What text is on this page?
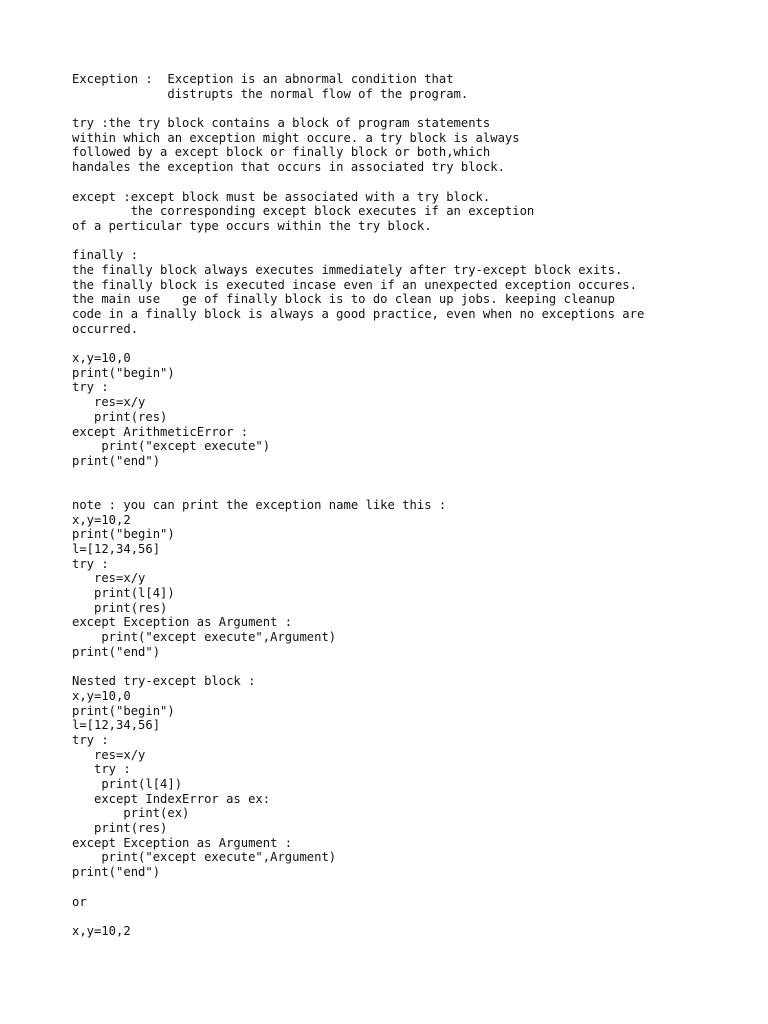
Exception :  Exception is an abnormal condition that
distrupts the normal flow of the program.
try :the try block contains a block of program statements
within which an exception might occure. a try block is always
followed by a except block or finally block or both,which
handales the exception that occurs in associated try block.
except :except block must be associated with a try block.
the corresponding except block executes if an exception
of a perticular type occurs within the try block.
finally :
the finally block always executes immediately after try-except block exits.
the finally block is executed incase even if an unexpected exception occures.
the main use   ge of finally block is to do clean up jobs. keeping cleanup
code in a finally block is always a good practice, even when no exceptions are
occurred.
x,y=10,0
print("begin")
try :
res=x/y
print(res)
except ArithmeticError :
print("except execute")
print("end")
note : you can print the exception name like this :
x,y=10,2
print("begin")
l=[12,34,56]
try :
res=x/y
print(l[4])
print(res)
except Exception as Argument :
print("except execute",Argument)
print("end")
Nested try-except block :
x,y=10,0
print("begin")
l=[12,34,56]
try :
res=x/y
try :
print(l[4])
except IndexError as ex:
print(ex)
print(res)
except Exception as Argument :
print("except execute",Argument)
print("end")
or
x,y=10,2
